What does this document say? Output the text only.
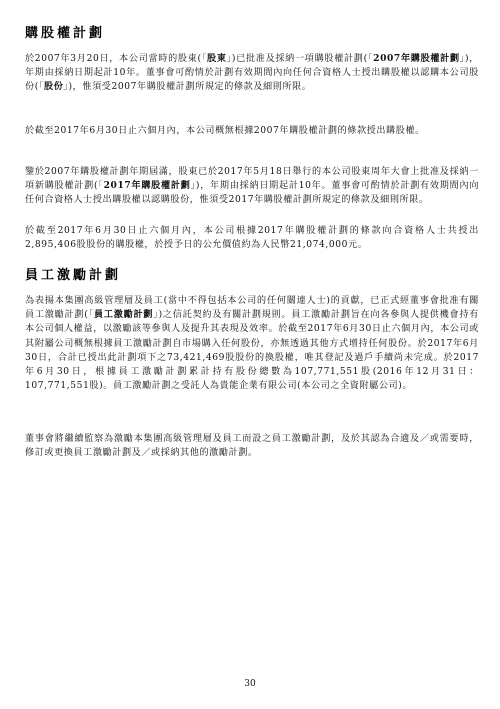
購股權計劃
於2007年3月20日，本公司當時的股東(「股東」)已批准及採納一項購股權計劃(「2007年購股權計劃」)，年期由採納日期起計10年。董事會可酌情於計劃有效期間內向任何合資格人士授出購股權以認購本公司股份(「股份」)，惟須受2007年購股權計劃所規定的條款及細則所限。
於截至2017年6月30日止六個月內，本公司概無根據2007年購股權計劃的條款授出購股權。
鑒於2007年購股權計劃年期屆滿，股東已於2017年5月18日舉行的本公司股東周年大會上批准及採納一項新購股權計劃(「2017年購股權計劃」)，年期由採納日期起計10年。董事會可酌情於計劃有效期間內向任何合資格人士授出購股權以認購股份，惟須受2017年購股權計劃所規定的條款及細則所限。
於截至2017年6月30日止六個月內，本公司根據2017年購股權計劃的條款向合資格人士共授出2,895,406股股份的購股權，於授予日的公允價值約為人民幣21,074,000元。
員工激勵計劃
為表揚本集團高級管理層及員工(當中不得包括本公司的任何關連人士)的貢獻，已正式經董事會批准有關員工激勵計劃(「員工激勵計劃」)之信託契約及有關計劃規則。員工激勵計劃旨在向各參與人提供機會持有本公司個人權益，以激勵該等參與人及提升其表現及效率。於截至2017年6月30日止六個月內，本公司或其附屬公司概無根據員工激勵計劃自市場購入任何股份，亦無透過其他方式增持任何股份。於2017年6月30日，合計已授出此計劃項下之73,421,469股股份的換股權，唯其登記及過戶手續尚未完成。於2017年6月30日，根據員工激勵計劃累計持有股份總數為107,771,551股(2016年12月31日：107,771,551股)。員工激勵計劃之受託人為貴能企業有限公司(本公司之全資附屬公司)。
董事會將繼續監察為激勵本集團高級管理層及員工而設之員工激勵計劃，及於其認為合適及／或需要時，修訂或更換員工激勵計劃及／或採納其他的激勵計劃。
30
